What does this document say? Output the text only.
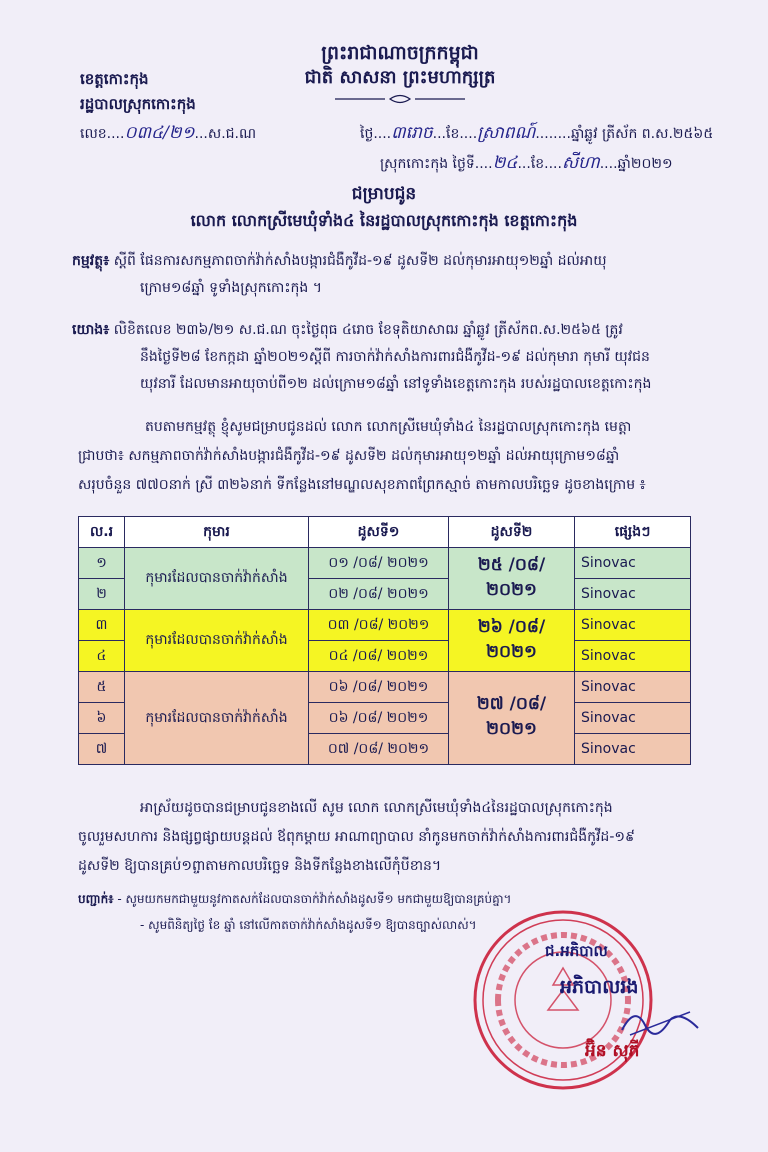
ព្រះរាជាណាចក្រកម្ពុជា
ជាតិ សាសនា ព្រះមហាក្សត្រ
ខេត្តកោះកុង
រដ្ឋបាលស្រុកកោះកុង
លេខ....០៣៤/២១...ស.ជ.ណ	ថ្ងៃ....៣រោច...ខែ....ស្រាពណ៍........ឆ្នាំឆ្លូវ ត្រីស័ក ព.ស.២៥៦៥
ស្រុកកោះកុង ថ្ងៃទី....២៤...ខែ....សីហា....ឆ្នាំ២០២១
ជម្រាបជូន
លោក លោកស្រីមេឃុំទាំង៤ នៃរដ្ឋបាលស្រុកកោះកុង ខេត្តកោះកុង
កម្មវត្ថុ៖ ស្តីពី ផែនការសកម្មភាពចាក់វ៉ាក់សាំងបង្ការជំងឺកូវីដ-១៩ ដូសទី២ ដល់កុមារអាយុ១២ឆ្នាំ ដល់អាយុ
ក្រោម១៨ឆ្នាំ ទូទាំងស្រុកកោះកុង ។
យោង៖ លិខិតលេខ ២៣៦/២១ ស.ជ.ណ ចុះថ្ងៃពុធ ៤រោច ខែទុតិយាសាឍ ឆ្នាំឆ្លូវ ត្រីស័កព.ស.២៥៦៥ ត្រូវ
នឹងថ្ងៃទី២៨ ខែកក្កដា ឆ្នាំ២០២១ស្តីពី ការចាក់វ៉ាក់សាំងការពារជំងឺកូវីដ-១៩ ដល់កុមារា កុមារី យុវជន
យុវនារី ដែលមានអាយុចាប់ពី១២ ដល់ក្រោម១៨ឆ្នាំ នៅទូទាំងខេត្តកោះកុង របស់រដ្ឋបាលខេត្តកោះកុង
តបតាមកម្មវត្ថុ ខ្ញុំសូមជម្រាបជូនដល់ លោក លោកស្រីមេឃុំទាំង៤ នៃរដ្ឋបាលស្រុកកោះកុង មេត្តា
ជ្រាបថា៖ សកម្មភាពចាក់វ៉ាក់សាំងបង្ការជំងឺកូវីដ-១៩ ដូសទី២ ដល់កុមារអាយុ១២ឆ្នាំ ដល់អាយុក្រោម១៨ឆ្នាំ
សរុបចំនួន ៧៧០នាក់ ស្រី ៣២៦នាក់ ទីកន្លែងនៅមណ្ឌលសុខភាពព្រែកស្មាច់ តាមកាលបរិច្ឆេទ ដូចខាងក្រោម ៖
ល.រ	កុមារ	ដូសទី១	ដូសទី២	ផ្សេងៗ
១	កុមារដែលបានចាក់វ៉ាក់សាំង	០១ /០៨/ ២០២១	២៥ /០៨/ ២០២១	Sinovac
២		០២ /០៨/ ២០២១		Sinovac
៣	កុមារដែលបានចាក់វ៉ាក់សាំង	០៣ /០៨/ ២០២១	២៦ /០៨/ ២០២១	Sinovac
៤		០៤ /០៨/ ២០២១		Sinovac
៥	កុមារដែលបានចាក់វ៉ាក់សាំង	០៦ /០៨/ ២០២១	២៧ /០៨/ ២០២១	Sinovac
៦		០៦ /០៨/ ២០២១		Sinovac
៧		០៧ /០៨/ ២០២១		Sinovac
អាស្រ័យដូចបានជម្រាបជូនខាងលើ សូម លោក លោកស្រីមេឃុំទាំង៤នៃរដ្ឋបាលស្រុកកោះកុង
ចូលរួមសហការ និងផ្សព្វផ្សាយបន្តដល់ ឪពុកម្តាយ អាណាព្យាបាល នាំកូនមកចាក់វ៉ាក់សាំងការពារជំងឺកូវីដ-១៩
ដូសទី២ ឱ្យបានគ្រប់១ព្ចាតាមកាលបរិច្ឆេទ និងទីកន្លែងខាងលើកុំបីខាន។
បញ្ជាក់៖ - សូមយកមកជាមួយនូវកាតសក់ដែលបានចាក់វ៉ាក់សាំងដូសទី១ មកជាមួយឱ្យបានគ្រប់គ្នា។
- សូមពិនិត្យថ្ងៃ ខែ ឆ្នាំ នៅលើកាតចាក់វ៉ាក់សាំងដូសទី១ ឱ្យបានច្បាស់លាស់។
ជ.អភិបាល
អភិបាលរង
អ៊ិន សុភី
